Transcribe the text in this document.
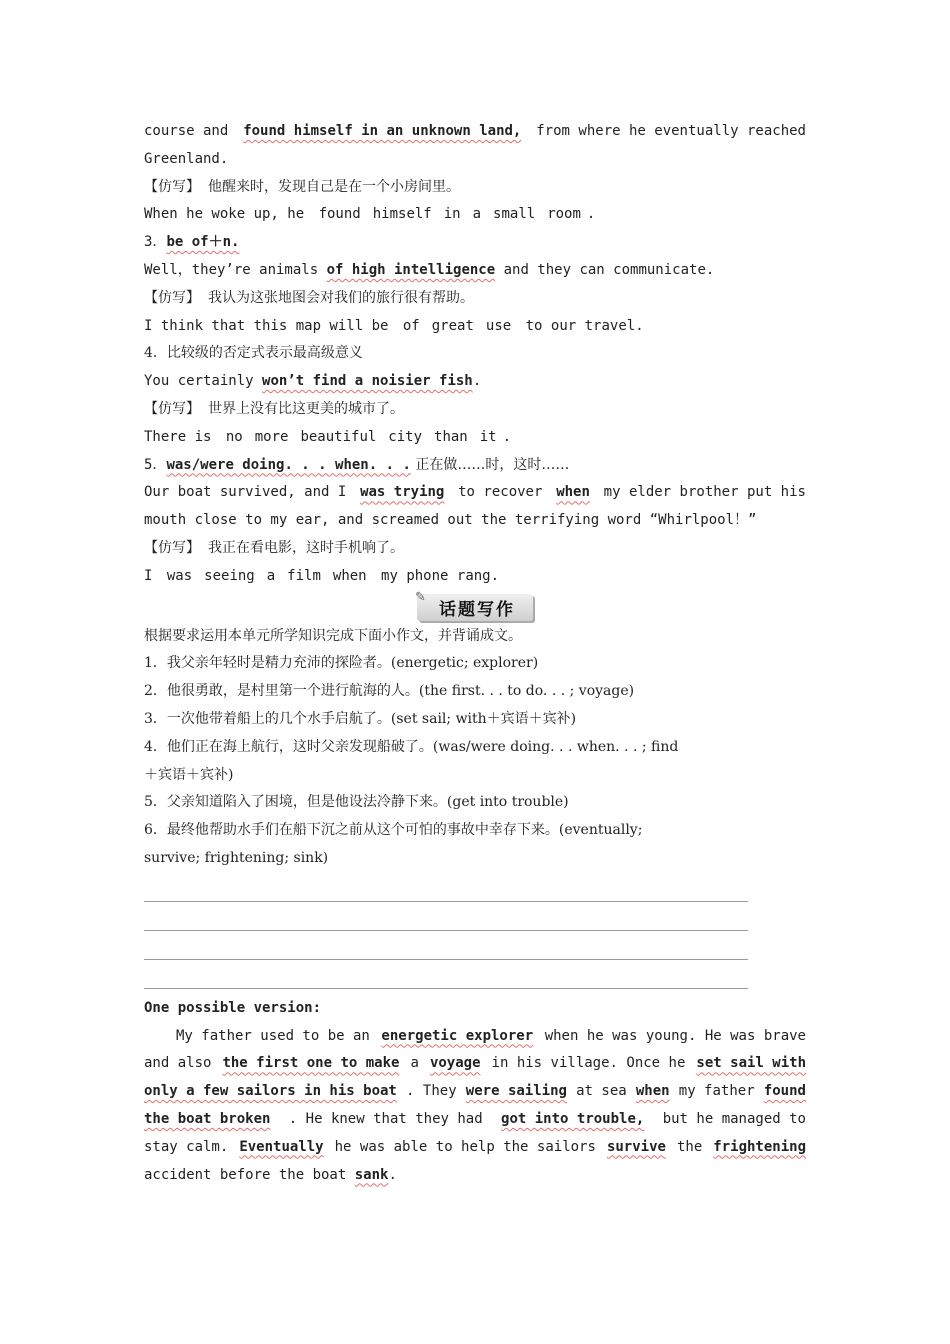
course and found himself in an unknown land, from where he eventually reached
Greenland.
【仿写】 他醒来时，发现自己是在一个小房间里。
When he woke up, he found himself in a small room .
3．be of＋n.
Well，they’re animals of high intelligence and they can communicate.
【仿写】 我认为这张地图会对我们的旅行很有帮助。
I think that this map will be of great use to our travel.
4．比较级的否定式表示最高级意义
You certainly won’t find a noisier fish.
【仿写】 世界上没有比这更美的城市了。
There is no more beautiful city than it .
5．was/were doing. . . when. . . 正在做……时，这时……
Our boat survived, and I was trying to recover when my elder brother put his
mouth close to my ear, and screamed out the terrifying word “Whirlpool！”
【仿写】 我正在看电影，这时手机响了。
I was seeing a film when my phone rang.
✎
话题写作
根据要求运用本单元所学知识完成下面小作文，并背诵成文。
1．我父亲年轻时是精力充沛的探险者。(energetic; explorer)
2．他很勇敢，是村里第一个进行航海的人。(the first. . . to do. . . ; voyage)
3．一次他带着船上的几个水手启航了。(set sail; with＋宾语＋宾补)
4．他们正在海上航行，这时父亲发现船破了。(was/were doing. . . when. . . ; find
＋宾语＋宾补)
5．父亲知道陷入了困境，但是他设法冷静下来。(get into trouble)
6．最终他帮助水手们在船下沉之前从这个可怕的事故中幸存下来。(eventually;
survive; frightening; sink)
One possible version:
My father used to be an energetic explorer when he was young. He was brave
and also the first one to make a voyage in his village. Once he set sail with
only a few sailors in his boat . They were sailing at sea when my father found
the boat broken . He knew that they had got into trouble, but he managed to
stay calm. Eventually he was able to help the sailors survive the frightening
accident before the boat sank.
